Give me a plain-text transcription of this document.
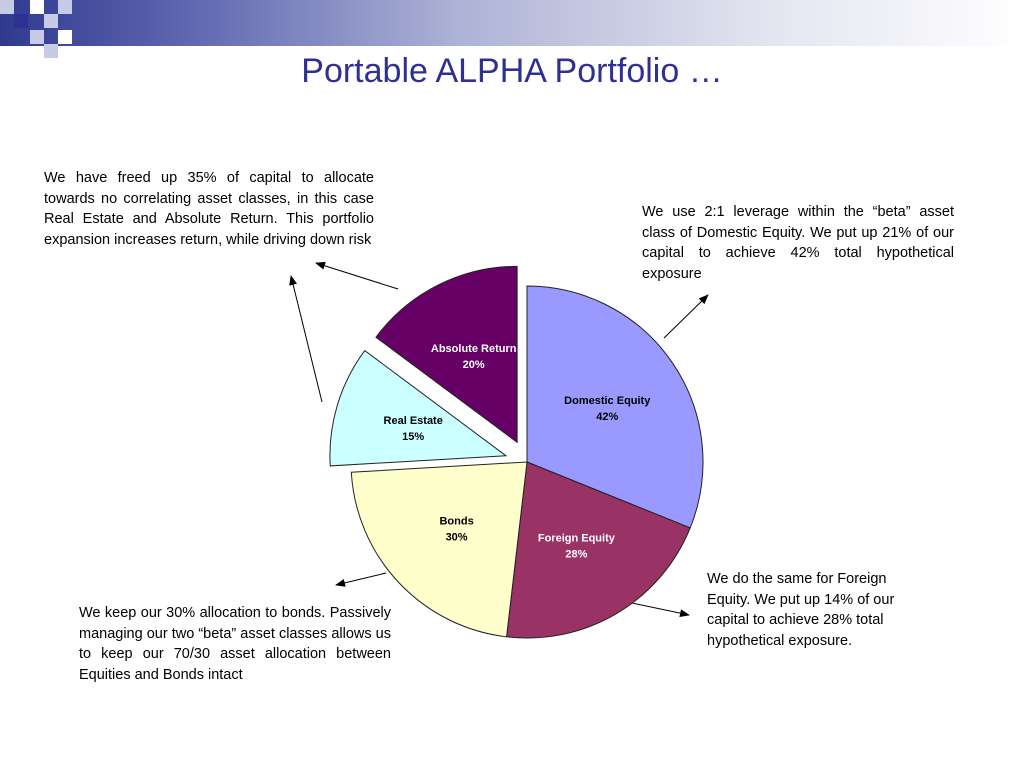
Portable ALPHA Portfolio …
We have freed up 35% of capital to allocate towards no correlating asset classes, in this case Real Estate and Absolute Return. This portfolio expansion increases return, while driving down risk
We use 2:1 leverage within the “beta” asset class of Domestic Equity. We put up 21% of our capital to achieve 42% total hypothetical exposure
We keep our 30% allocation to bonds. Passively managing our two “beta” asset classes allows us to keep our 70/30 asset allocation between Equities and Bonds intact
We do the same for Foreign Equity. We put up 14% of our capital to achieve 28% total hypothetical exposure.
Domestic Equity
42%
Foreign Equity
28%
Bonds
30%
Real Estate
15%
Absolute Return
20%
